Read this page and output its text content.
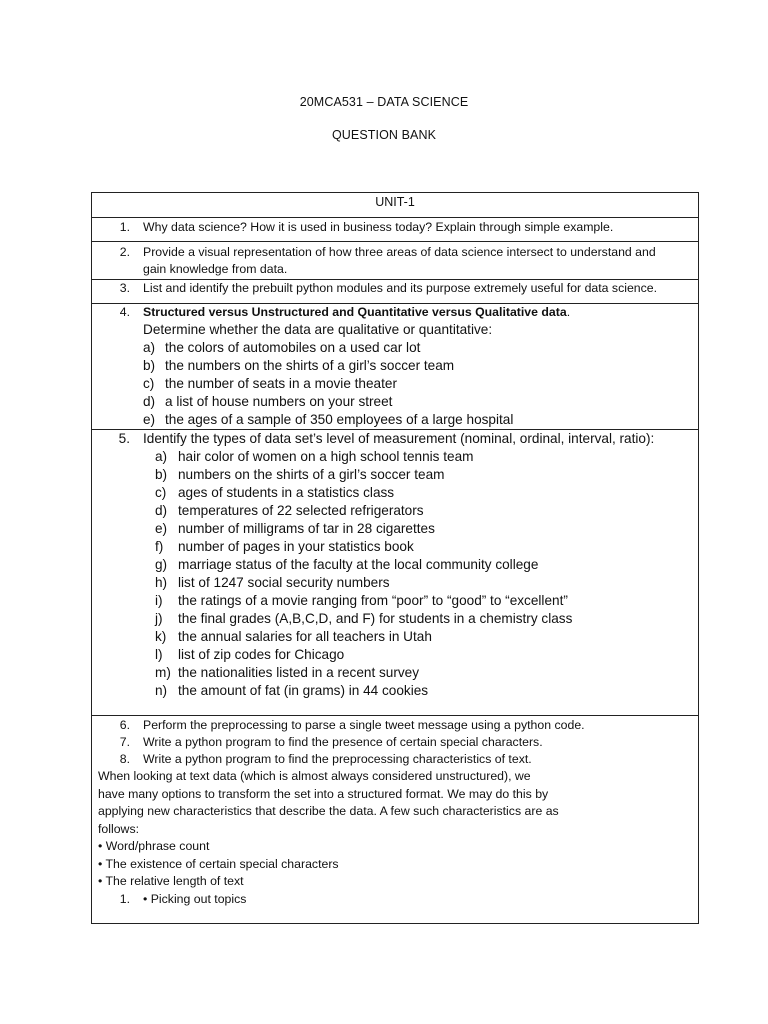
20MCA531 – DATA SCIENCE
QUESTION BANK
UNIT-1
1. Why data science? How it is used in business today? Explain through simple example.
2. Provide a visual representation of how three areas of data science intersect to understand and
gain knowledge from data.
3. List and identify the prebuilt python modules and its purpose extremely useful for data science.
4. Structured versus Unstructured and Quantitative versus Qualitative data.
Determine whether the data are qualitative or quantitative:
a) the colors of automobiles on a used car lot
b) the numbers on the shirts of a girl’s soccer team
c) the number of seats in a movie theater
d) a list of house numbers on your street
e) the ages of a sample of 350 employees of a large hospital
5. Identify the types of data set’s level of measurement (nominal, ordinal, interval, ratio):
a) hair color of women on a high school tennis team
b) numbers on the shirts of a girl’s soccer team
c) ages of students in a statistics class
d) temperatures of 22 selected refrigerators
e) number of milligrams of tar in 28 cigarettes
f) number of pages in your statistics book
g) marriage status of the faculty at the local community college
h) list of 1247 social security numbers
i) the ratings of a movie ranging from “poor” to “good” to “excellent”
j) the final grades (A,B,C,D, and F) for students in a chemistry class
k) the annual salaries for all teachers in Utah
l) list of zip codes for Chicago
m) the nationalities listed in a recent survey
n) the amount of fat (in grams) in 44 cookies
6. Perform the preprocessing to parse a single tweet message using a python code.
7. Write a python program to find the presence of certain special characters.
8. Write a python program to find the preprocessing characteristics of text.
When looking at text data (which is almost always considered unstructured), we
have many options to transform the set into a structured format. We may do this by
applying new characteristics that describe the data. A few such characteristics are as
follows:
• Word/phrase count
• The existence of certain special characters
• The relative length of text
1. • Picking out topics
